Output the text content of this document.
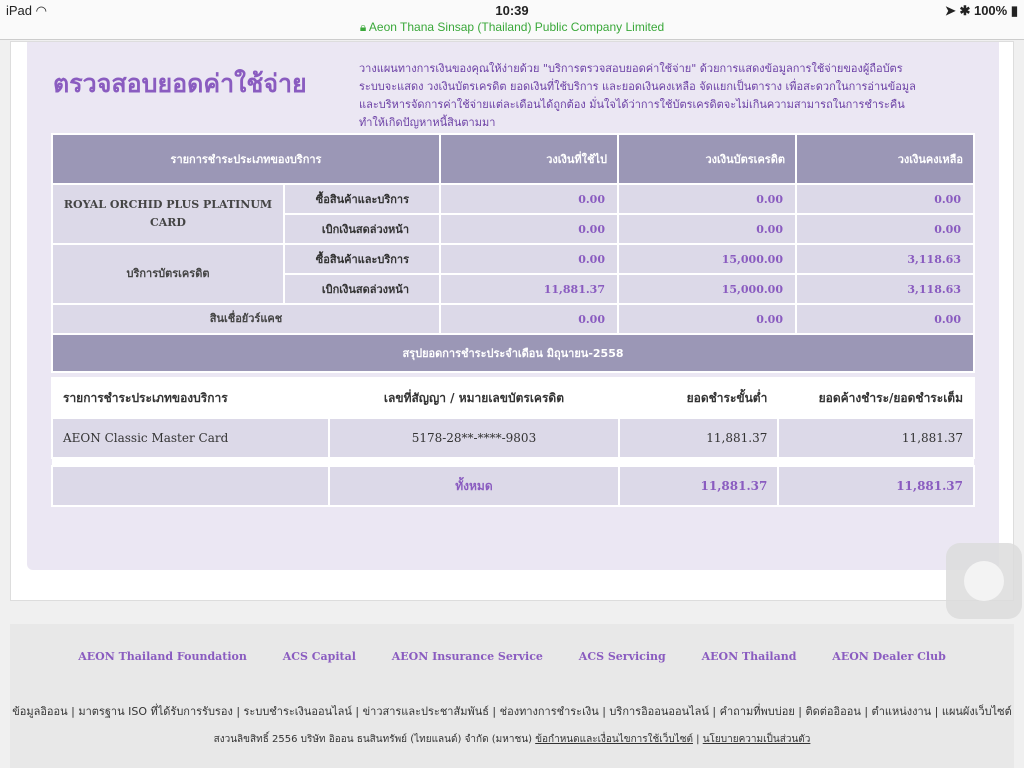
iPad ◠	10:39	➤ ✱ 100% ▮
🔒︎ Aeon Thana Sinsap (Thailand) Public Company Limited
ตรวจสอบยอดค่าใช้จ่าย
วางแผนทางการเงินของคุณให้ง่ายด้วย "บริการตรวจสอบยอดค่าใช้จ่าย" ด้วยการแสดงข้อมูลการใช้จ่ายของผู้ถือบัตร ระบบจะแสดง วงเงินบัตรเครดิต ยอดเงินที่ใช้บริการ และยอดเงินคงเหลือ จัดแยกเป็นตาราง เพื่อสะดวกในการอ่านข้อมูล และบริหารจัดการค่าใช้จ่ายแต่ละเดือนได้ถูกต้อง มั่นใจได้ว่าการใช้บัตรเครดิตจะไม่เกินความสามารถในการชำระคืน ทำให้เกิดปัญหาหนี้สินตามมา
รายการชำระประเภทของบริการ		วงเงินที่ใช้ไป	วงเงินบัตรเครดิต	วงเงินคงเหลือ
ROYAL ORCHID PLUS PLATINUM CARD	ซื้อสินค้าและบริการ	0.00	0.00	0.00
	เบิกเงินสดล่วงหน้า	0.00	0.00	0.00
บริการบัตรเครดิต	ซื้อสินค้าและบริการ	0.00	15,000.00	3,118.63
	เบิกเงินสดล่วงหน้า	11,881.37	15,000.00	3,118.63
สินเชื่อยัวร์แคช		0.00	0.00	0.00
สรุปยอดการชำระประจำเดือน มิถุนายน-2558				
รายการชำระประเภทของบริการ	เลขที่สัญญา / หมายเลขบัตรเครดิต	ยอดชำระขั้นต่ำ	ยอดค้างชำระ/ยอดชำระเต็ม
AEON Classic Master Card	5178-28**-****-9803	11,881.37	11,881.37

	ทั้งหมด	11,881.37	11,881.37
AEON Thailand Foundation	ACS Capital	AEON Insurance Service	ACS Servicing	AEON Thailand	AEON Dealer Club
ข้อมูลอิออน | มาตรฐาน ISO ที่ได้รับการรับรอง | ระบบชำระเงินออนไลน์ | ข่าวสารและประชาสัมพันธ์ | ช่องทางการชำระเงิน | บริการอิออนออนไลน์ | คำถามที่พบบ่อย | ติดต่ออิออน | ตำแหน่งงาน | แผนผังเว็บไซต์
สงวนลิขสิทธิ์ 2556 บริษัท อิออน ธนสินทรัพย์ (ไทยแลนด์) จำกัด (มหาชน) ข้อกำหนดและเงื่อนไขการใช้เว็บไซต์ | นโยบายความเป็นส่วนตัว
